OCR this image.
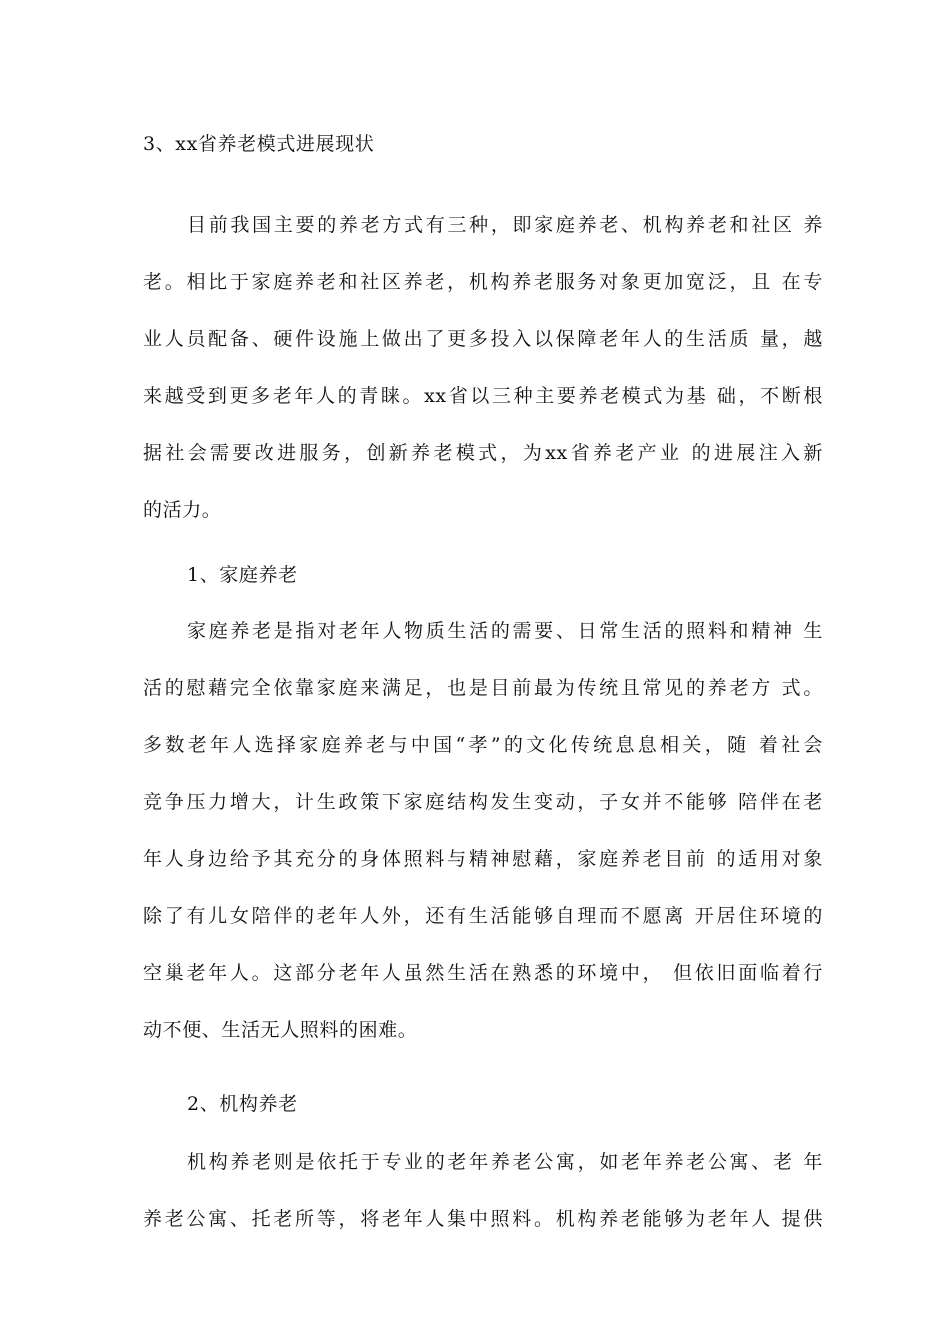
3、xx省养老模式进展现状
目前我国主要的养老方式有三种，即家庭养老、机构养老和社区 养
老。相比于家庭养老和社区养老，机构养老服务对象更加宽泛，且 在专
业人员配备、硬件设施上做出了更多投入以保障老年人的生活质 量，越
来越受到更多老年人的青睐。xx省以三种主要养老模式为基 础，不断根
据社会需要改进服务，创新养老模式，为xx省养老产业 的进展注入新
的活力。
1、家庭养老
家庭养老是指对老年人物质生活的需要、日常生活的照料和精神 生
活的慰藉完全依靠家庭来满足，也是目前最为传统且常见的养老方 式。
多数老年人选择家庭养老与中国“孝”的文化传统息息相关，随 着社会
竞争压力增大，计生政策下家庭结构发生变动，子女并不能够 陪伴在老
年人身边给予其充分的身体照料与精神慰藉，家庭养老目前 的适用对象
除了有儿女陪伴的老年人外，还有生活能够自理而不愿离 开居住环境的
空巢老年人。这部分老年人虽然生活在熟悉的环境中， 但依旧面临着行
动不便、生活无人照料的困难。
2、机构养老
机构养老则是依托于专业的老年养老公寓，如老年养老公寓、老 年
养老公寓、托老所等，将老年人集中照料。机构养老能够为老年人 提供
